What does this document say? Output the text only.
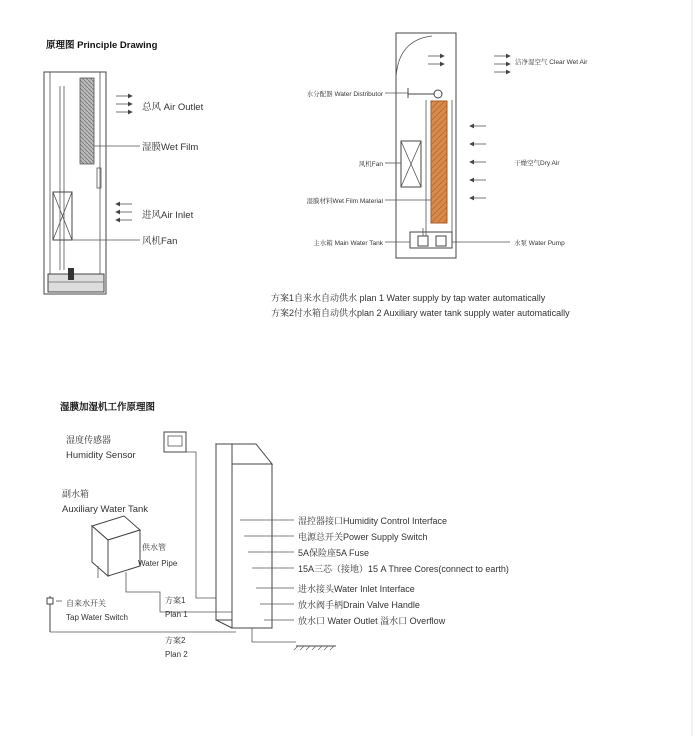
原理图 Principle Drawing
总风 Air Outlet
湿膜Wet Film
进风Air Inlet
风机Fan
水分配器 Water Distributor
风机Fan
湿膜材料Wet Film Material
主水箱 Main Water Tank
洁净湿空气 Clear Wet Air
干燥空气Dry Air
水泵 Water Pump
方案1自来水自动供水 plan 1 Water supply by tap water automatically
方案2付水箱自动供水plan 2 Auxiliary water tank supply water automatically
湿膜加湿机工作原理图
湿度传感器
Humidity Sensor
副水箱
Auxiliary Water Tank
供水管
Water Pipe
自来水开关
Tap Water Switch
方案1
Plan 1
方案2
Plan 2
湿控器接口Humidity Control Interface
电源总开关Power Supply Switch
5A保险座5A Fuse
15A三芯（接地）15 A Three Cores(connect to earth)
进水接头Water Inlet Interface
放水阀手柄Drain Valve Handle
放水口 Water Outlet 溢水口 Overflow
